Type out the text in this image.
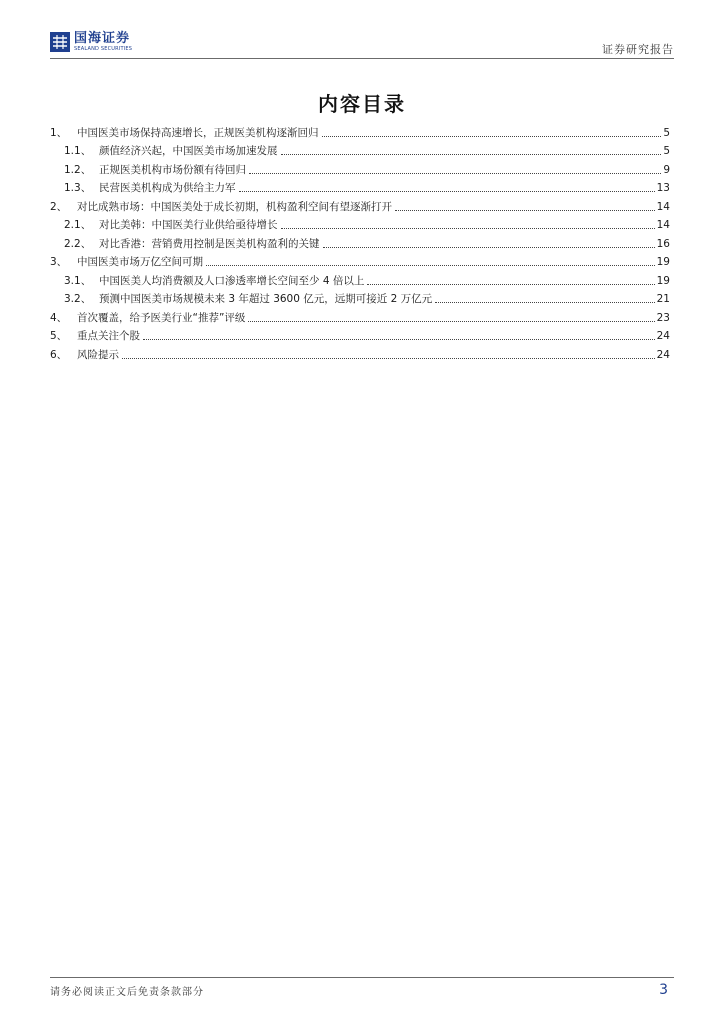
国海证券
SEALAND SECURITIES	证券研究报告
内容目录
1、 中国医美市场保持高速增长，正规医美机构逐渐回归	5
1.1、 颜值经济兴起，中国医美市场加速发展	5
1.2、 正规医美机构市场份额有待回归	9
1.3、 民营医美机构成为供给主力军	13
2、 对比成熟市场：中国医美处于成长初期，机构盈利空间有望逐渐打开	14
2.1、 对比美韩：中国医美行业供给亟待增长	14
2.2、 对比香港：营销费用控制是医美机构盈利的关键	16
3、 中国医美市场万亿空间可期	19
3.1、 中国医美人均消费额及人口渗透率增长空间至少 4 倍以上	19
3.2、 预测中国医美市场规模未来 3 年超过 3600 亿元，远期可接近 2 万亿元	21
4、 首次覆盖，给予医美行业“推荐”评级	23
5、 重点关注个股	24
6、 风险提示	24
请务必阅读正文后免责条款部分	3
